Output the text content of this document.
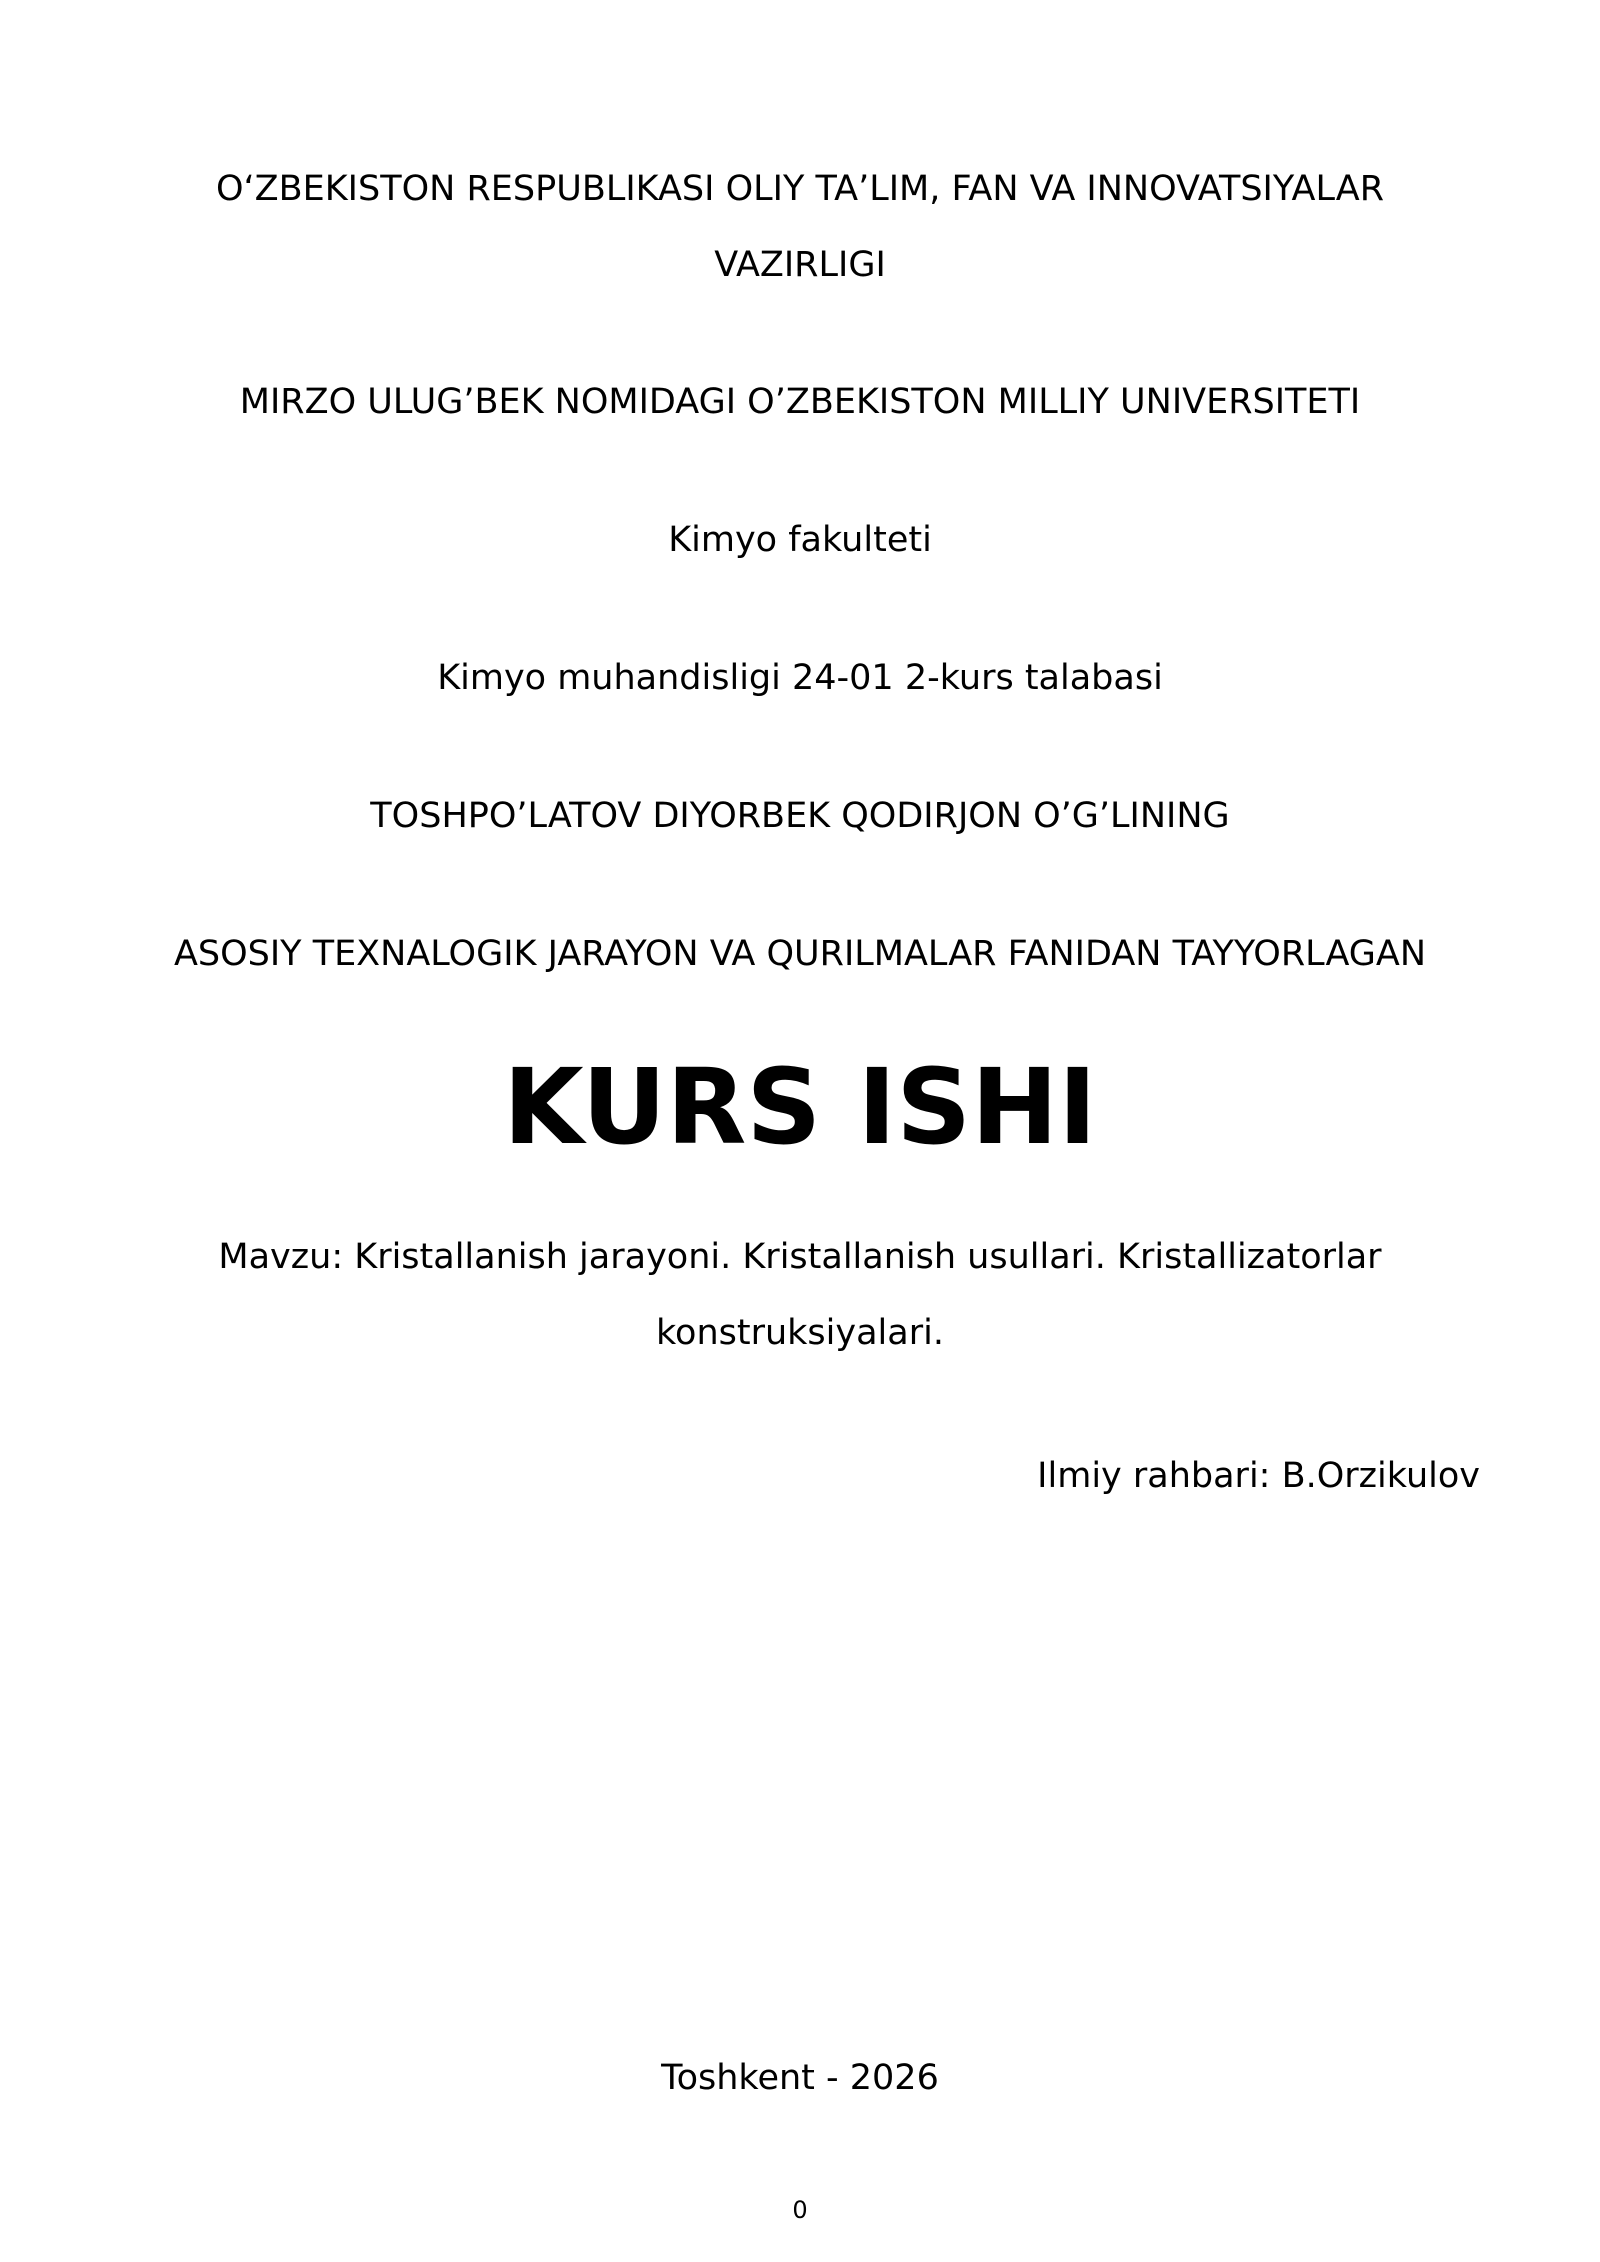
O‘ZBEKISTON RESPUBLIKASI OLIY TA’LIM, FAN VA INNOVATSIYALAR VAZIRLIGI

MIRZO ULUG’BEK NOMIDAGI O’ZBEKISTON MILLIY UNIVERSITETI

Kimyo fakulteti

Kimyo muhandisligi 24-01 2-kurs talabasi

TOSHPO’LATOV DIYORBEK QODIRJON O’G’LINING

ASOSIY TEXNALOGIK JARAYON VA QURILMALAR FANIDAN TAYYORLAGAN

KURS ISHI

Mavzu: Kristallanish jarayoni. Kristallanish usullari. Kristallizatorlar konstruksiyalari.

Ilmiy rahbari: B.Orzikulov

Toshkent - 2026

0
